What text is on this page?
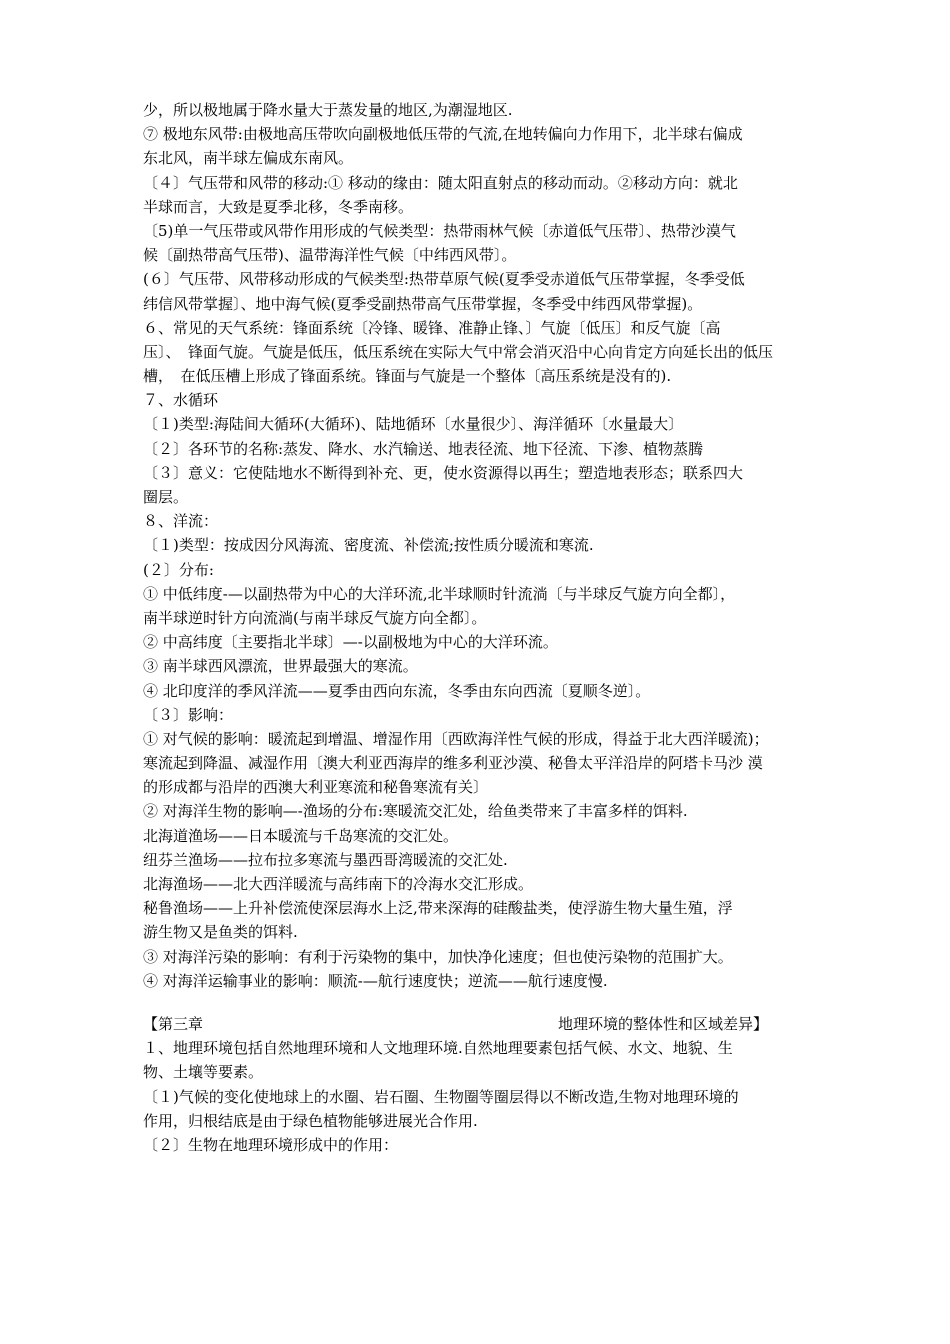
少，所以极地属于降水量大于蒸发量的地区,为潮湿地区.
⑦ 极地东风带:由极地高压带吹向副极地低压带的气流,在地转偏向力作用下，北半球右偏成
东北风，南半球左偏成东南风。
〔４〕气压带和风带的移动:① 移动的缘由：随太阳直射点的移动而动。②移动方向：就北
半球而言，大致是夏季北移，冬季南移。
〔5)单一气压带或风带作用形成的气候类型：热带雨林气候〔赤道低气压带〕、热带沙漠气
候〔副热带高气压带)、温带海洋性气候〔中纬西风带〕。
(６〕气压带、风带移动形成的气候类型:热带草原气候(夏季受赤道低气压带掌握，冬季受低
纬信风带掌握〕、地中海气候(夏季受副热带高气压带掌握，冬季受中纬西风带掌握)。
６、常见的天气系统：锋面系统〔冷锋、暖锋、准静止锋、〕气旋〔低压〕和反气旋〔高
压〕、　锋面气旋。气旋是低压，低压系统在实际大气中常会消灭沿中心向肯定方向延长出的低压
槽，　在低压槽上形成了锋面系统。锋面与气旋是一个整体〔高压系统是没有的).
７、水循环
〔１)类型:海陆间大循环(大循环)、陆地循环〔水量很少〕、海洋循环〔水量最大〕
〔２〕各环节的名称:蒸发、降水、水汽输送、地表径流、地下径流、下渗、植物蒸腾
〔３〕意义：它使陆地水不断得到补充、更，使水资源得以再生；塑造地表形态；联系四大
圈层。
８、洋流：
〔１)类型：按成因分风海流、密度流、补偿流;按性质分暖流和寒流.
(２〕分布:
① 中低纬度-—以副热带为中心的大洋环流,北半球顺时针流淌〔与半球反气旋方向全都〕，
南半球逆时针方向流淌(与南半球反气旋方向全都〕。
② 中高纬度〔主要指北半球〕—-以副极地为中心的大洋环流。
③ 南半球西风漂流，世界最强大的寒流。
④ 北印度洋的季风洋流——夏季由西向东流，冬季由东向西流〔夏顺冬逆〕。
〔３〕影响：
① 对气候的影响：暖流起到增温、增湿作用〔西欧海洋性气候的形成，得益于北大西洋暖流)；
寒流起到降温、减湿作用〔澳大利亚西海岸的维多利亚沙漠、秘鲁太平洋沿岸的阿塔卡马沙 漠
的形成都与沿岸的西澳大利亚寒流和秘鲁寒流有关〕
② 对海洋生物的影响—-渔场的分布:寒暖流交汇处，给鱼类带来了丰富多样的饵料.
北海道渔场——日本暖流与千岛寒流的交汇处。
纽芬兰渔场——拉布拉多寒流与墨西哥湾暖流的交汇处.
北海渔场——北大西洋暖流与高纬南下的冷海水交汇形成。
秘鲁渔场——上升补偿流使深层海水上泛,带来深海的硅酸盐类，使浮游生物大量生殖，浮
游生物又是鱼类的饵料.
③ 对海洋污染的影响：有利于污染物的集中，加快净化速度；但也使污染物的范围扩大。
④ 对海洋运输事业的影响：顺流-—航行速度快；逆流——航行速度慢.
【第三章	地理环境的整体性和区域差异】
１、地理环境包括自然地理环境和人文地理环境.自然地理要素包括气候、水文、地貌、生
物、土壤等要素。
〔１)气候的变化使地球上的水圈、岩石圈、生物圈等圈层得以不断改造,生物对地理环境的
作用，归根结底是由于绿色植物能够进展光合作用.
〔２〕生物在地理环境形成中的作用：
